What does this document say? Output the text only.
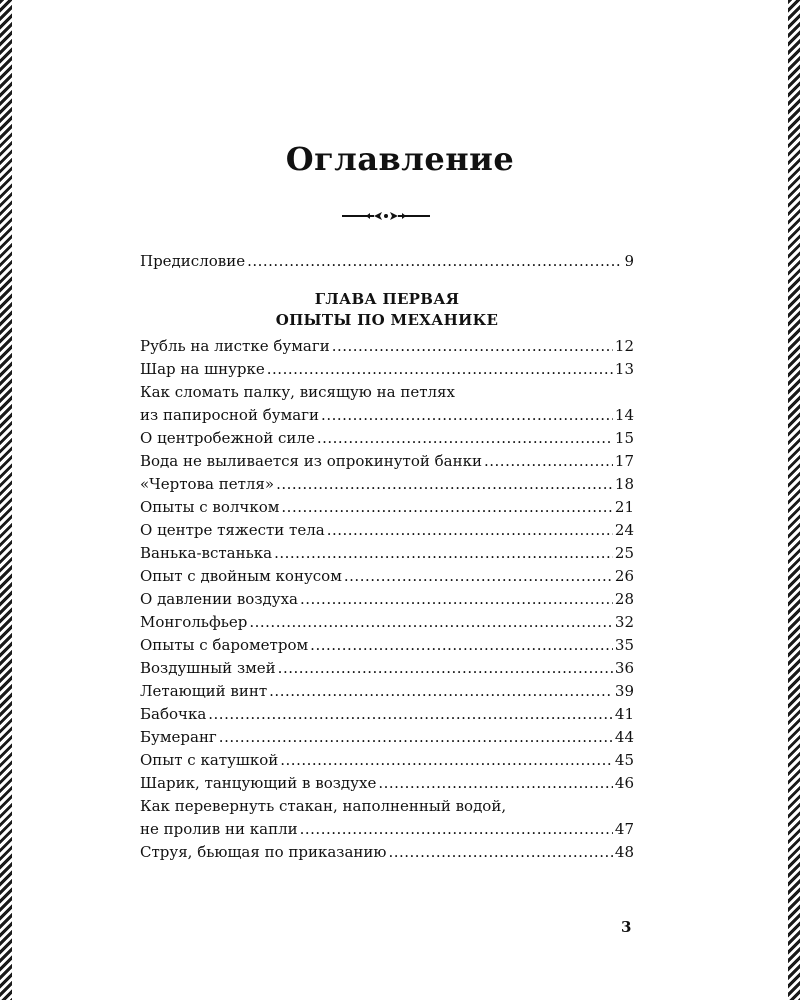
Оглавление
Предисловие .....	9
ГЛАВА ПЕРВАЯ
ОПЫТЫ ПО МЕХАНИКЕ
Рубль на листке бумаги .....	12
Шар на шнурке .....	13
Как сломать палку, висящую на петлях
из папиросной бумаги .....	14
О центробежной силе .....	15
Вода не выливается из опрокинутой банки .....	17
«Чертова петля» .....	18
Опыты с волчком .....	21
О центре тяжести тела .....	24
Ванька-встанька .....	25
Опыт с двойным конусом .....	26
О давлении воздуха .....	28
Монгольфьер .....	32
Опыты с барометром .....	35
Воздушный змей .....	36
Летающий винт .....	39
Бабочка .....	41
Бумеранг .....	44
Опыт с катушкой .....	45
Шарик, танцующий в воздухе .....	46
Как перевернуть стакан, наполненный водой,
не пролив ни капли .....	47
Струя, бьющая по приказанию .....	48
3
